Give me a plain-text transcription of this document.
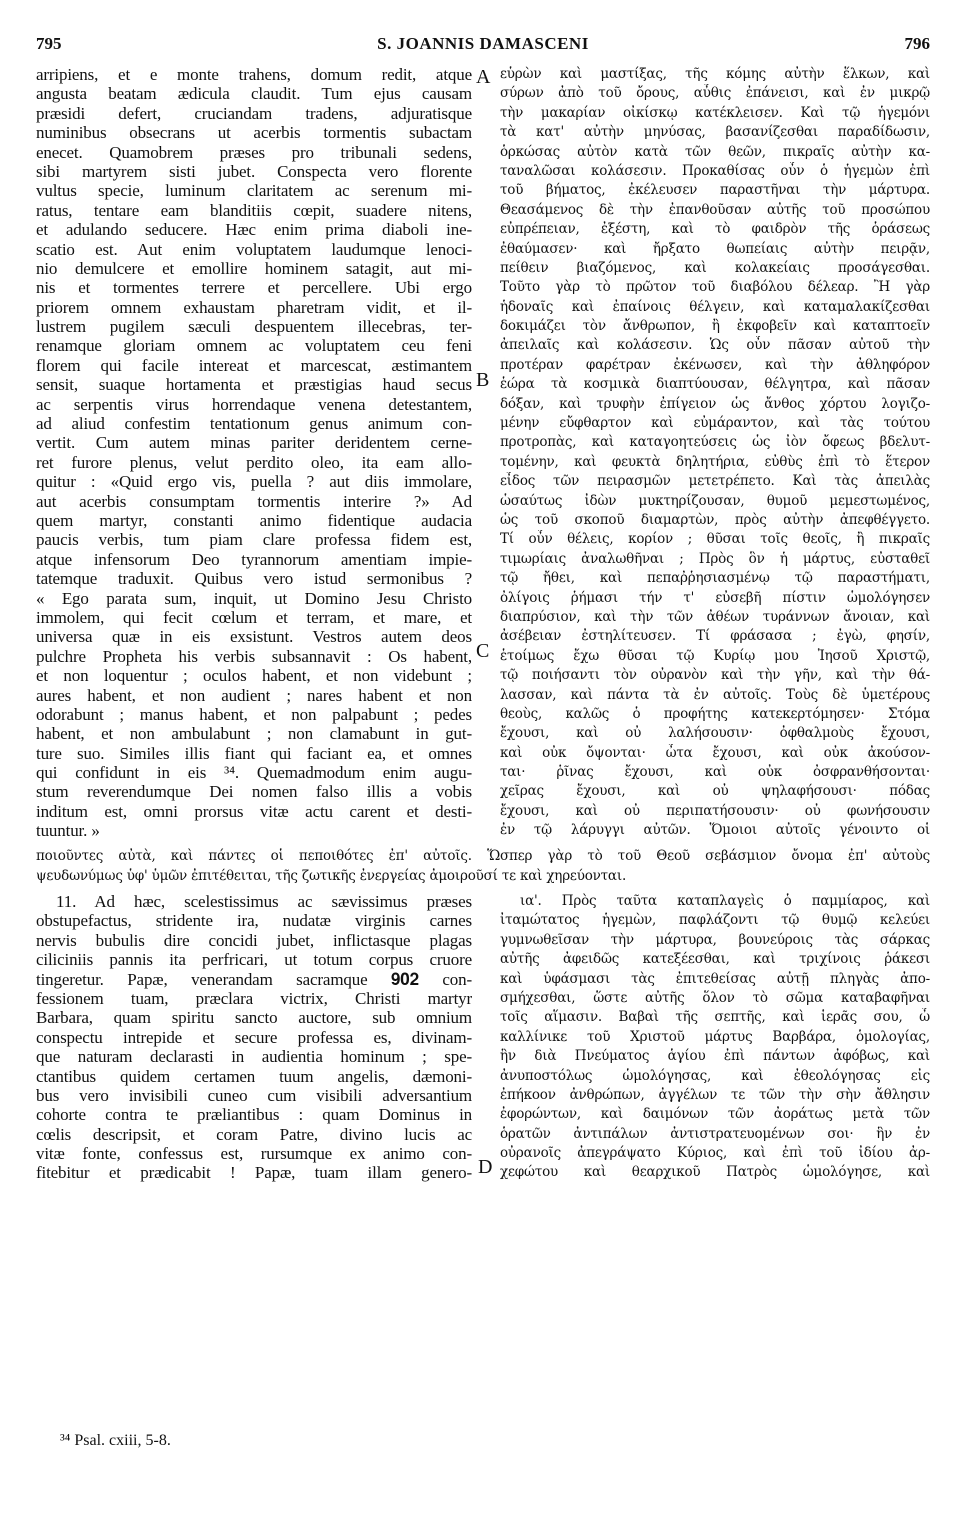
795	S. JOANNIS DAMASCENI	796
arripiens, et e monte trahens, domum redit, atque
angusta beatam ædicula claudit. Tum ejus causam
præsidi defert, cruciandam tradens, adjuratisque
numinibus obsecrans ut acerbis tormentis subactam
enecet. Quamobrem præses pro tribunali sedens,
sibi martyrem sisti jubet. Conspecta vero florente
vultus specie, luminum claritatem ac serenum mi-
ratus, tentare eam blanditiis cœpit, suadere nitens,
et adulando seducere. Hæc enim prima diaboli ine-
scatio est. Aut enim voluptatem laudumque lenoci-
nio demulcere et emollire hominem satagit, aut mi-
nis et tormentes terrere et percellere. Ubi ergo
priorem omnem exhaustam pharetram vidit, et il-
lustrem pugilem sæculi despuentem illecebras, ter-
renamque gloriam omnem ac voluptatem ceu feni
florem qui facile intereat et marcescat, æstimantem
sensit, suaque hortamenta et præstigias haud secus
ac serpentis virus horrendaque venena detestantem,
ad aliud confestim tentationum genus animum con-
vertit. Cum autem minas pariter deridentem cerne-
ret furore plenus, velut perdito oleo, ita eam allo-
quitur : «Quid ergo vis, puella ? aut diis immolare,
aut acerbis consumptam tormentis interire ?» Ad
quem martyr, constanti animo fidentique audacia
paucis verbis, tum piam clare professa fidem est,
atque infensorum Deo tyrannorum amentiam impie-
tatemque traduxit. Quibus vero istud sermonibus ?
« Ego parata sum, inquit, ut Domino Jesu Christo
immolem, qui fecit cœlum et terram, et mare, et
universa quæ in eis exsistunt. Vestros autem deos
pulchre Propheta his verbis subsannavit : Os habent,
et non loquentur ; oculos habent, et non videbunt ;
aures habent, et non audient ; nares habent et non
odorabunt ; manus habent, et non palpabunt ; pedes
habent, et non ambulabunt ; non clamabunt in gut-
ture suo. Similes illis fiant qui faciant ea, et omnes
qui confidunt in eis ³⁴. Quemadmodum enim augu-
stum reverendumque Dei nomen falso illis a vobis
inditum est, omni prorsus vitæ actu carent et desti-
tuuntur. »
εὑρὼν καὶ μαστίξας, τῆς κόμης αὐτὴν ἕλκων, καὶ
σύρων ἀπὸ τοῦ ὄρους, αὖθις ἐπάνεισι, καὶ ἐν μικρῷ
τὴν μακαρίαν οἰκίσκῳ κατέκλεισεν. Καὶ τῷ ἡγεμόνι
τὰ κατ' αὐτὴν μηνύσας, βασανίζεσθαι παραδίδωσιν,
ὁρκώσας αὐτὸν κατὰ τῶν θεῶν, πικραῖς αὐτὴν κα-
ταναλῶσαι κολάσεσιν. Προκαθίσας οὖν ὁ ἡγεμὼν ἐπὶ
τοῦ βήματος, ἐκέλευσεν παραστῆναι τὴν μάρτυρα.
Θεασάμενος δὲ τὴν ἐπανθοῦσαν αὐτῆς τοῦ προσώπου
εὐπρέπειαν, ἐξέστη, καὶ τὸ φαιδρὸν τῆς ὁράσεως
ἐθαύμασεν· καὶ ἤρξατο θωπείαις αὐτὴν πειρᾷν,
πείθειν βιαζόμενος, καὶ κολακείαις προσάγεσθαι.
Τοῦτο γὰρ τὸ πρῶτον τοῦ διαβόλου δέλεαρ. Ἢ γὰρ
ἡδοναῖς καὶ ἐπαίνοις θέλγειν, καὶ καταμαλακίζεσθαι
δοκιμάζει τὸν ἄνθρωπον, ἢ ἐκφοβεῖν καὶ καταπτοεῖν
ἀπειλαῖς καὶ κολάσεσιν. Ὡς οὖν πᾶσαν αὐτοῦ τὴν
προτέραν φαρέτραν ἐκένωσεν, καὶ τὴν ἀθληφόρον
ἑώρα τὰ κοσμικὰ διαπτύουσαν, θέλγητρα, καὶ πᾶσαν
δόξαν, καὶ τρυφὴν ἐπίγειον ὡς ἄνθος χόρτου λογιζο-
μένην εὔφθαρτον καὶ εὐμάραντον, καὶ τὰς τούτου
προτροπὰς, καὶ καταγοητεύσεις ὡς ἰὸν ὄφεως βδελυτ-
τομένην, καὶ φευκτὰ δηλητήρια, εὐθὺς ἐπὶ τὸ ἕτερον
εἶδος τῶν πειρασμῶν μετετρέπετο. Καὶ τὰς ἀπειλὰς
ὡσαύτως ἰδὼν μυκτηρίζουσαν, θυμοῦ μεμεστωμένος,
ὡς τοῦ σκοποῦ διαμαρτὼν, πρὸς αὐτὴν ἀπεφθέγγετο.
Τί οὖν θέλεις, κορίον ; θῦσαι τοῖς θεοῖς, ἢ πικραῖς
τιμωρίαις ἀναλωθῆναι ; Πρὸς ὃν ἡ μάρτυς, εὐσταθεῖ
τῷ ἤθει, καὶ πεπαῤῥησιασμένῳ τῷ παραστήματι,
ὀλίγοις ῥήμασι τήν τ' εὐσεβῆ πίστιν ὡμολόγησεν
διαπρύσιον, καὶ τὴν τῶν ἀθέων τυράννων ἄνοιαν, καὶ
ἀσέβειαν ἐστηλίτευσεν. Τί φράσασα ; ἐγὼ, φησίν,
ἑτοίμως ἔχω θῦσαι τῷ Κυρίῳ μου Ἰησοῦ Χριστῷ,
τῷ ποιήσαντι τὸν οὐρανὸν καὶ τὴν γῆν, καὶ τὴν θά-
λασσαν, καὶ πάντα τὰ ἐν αὐτοῖς. Τοὺς δὲ ὑμετέρους
θεοὺς, καλῶς ὁ προφήτης κατεκερτόμησεν· Στόμα
ἔχουσι, καὶ οὐ λαλήσουσιν· ὀφθαλμοὺς ἔχουσι,
καὶ οὐκ ὄψονται· ὦτα ἔχουσι, καὶ οὐκ ἀκούσον-
ται· ῥῖνας ἔχουσι, καὶ οὐκ ὀσφρανθήσονται·
χεῖρας ἔχουσι, καὶ οὐ ψηλαφήσουσι· πόδας
ἔχουσι, καὶ οὐ περιπατήσουσιν· οὐ φωνήσουσιν
ἐν τῷ λάρυγγι αὐτῶν. Ὅμοιοι αὐτοῖς γένοιντο οἱ
A
B
C
D
ποιοῦντες αὐτὰ, καὶ πάντες οἱ πεποιθότες ἐπ' αὐτοῖς. Ὥσπερ γὰρ τὸ τοῦ Θεοῦ σεβάσμιον ὄνομα ἐπ' αὐτοὺς
ψευδωνύμως ὑφ' ὑμῶν ἐπιτέθειται, τῆς ζωτικῆς ἐνεργείας ἀμοιροῦσί τε καὶ χηρεύονται.
11. Ad hæc, scelestissimus ac sævissimus præses
obstupefactus, stridente ira, nudatæ virginis carnes
nervis bubulis dire concidi jubet, inflictasque plagas
ciliciniis pannis ita perfricari, ut totum corpus cruore
tingeretur. Papæ, venerandam sacramque 𝟗𝟎𝟐 con-
fessionem tuam, præclara victrix, Christi martyr
Barbara, quam spiritu sancto auctore, sub omnium
conspectu intrepide et secure professa es, divinam-
que naturam declarasti in audientia hominum ; spe-
ctantibus quidem certamen tuum angelis, dæmoni-
bus vero invisibili cuneo cum visibili adversantium
cohorte contra te præliantibus : quam Dominus in
cœlis descripsit, et coram Patre, divino lucis ac
vitæ fonte, confessus est, rursumque ex animo con-
fitebitur et prædicabit ! Papæ, tuam illam genero-
ια'. Πρὸς ταῦτα καταπλαγεὶς ὁ παμμίαρος, καὶ
ἰταμώτατος ἡγεμὼν, παφλάζοντι τῷ θυμῷ κελεύει
γυμνωθεῖσαν τὴν μάρτυρα, βουνεύροις τὰς σάρκας
αὐτῆς ἀφειδῶς κατεξέεσθαι, καὶ τριχίνοις ῥάκεσι
καὶ ὑφάσμασι τὰς ἐπιτεθείσας αὐτῇ πληγὰς ἀπο-
σμήχεσθαι, ὥστε αὐτῆς ὅλον τὸ σῶμα καταβαφῆναι
τοῖς αἵμασιν. Βαβαὶ τῆς σεπτῆς, καὶ ἱερᾶς σου, ὦ
καλλίνικε τοῦ Χριστοῦ μάρτυς Βαρβάρα, ὁμολογίας,
ἣν διὰ Πνεύματος ἁγίου ἐπὶ πάντων ἀφόβως, καὶ
ἀνυποστόλως ὡμολόγησας, καὶ ἐθεολόγησας εἰς
ἐπήκοον ἀνθρώπων, ἀγγέλων τε τῶν τὴν σὴν ἄθλησιν
ἐφορώντων, καὶ δαιμόνων τῶν ἀοράτως μετὰ τῶν
ὁρατῶν ἀντιπάλων ἀντιστρατευομένων σοι· ἣν ἐν
οὐρανοῖς ἀπεγράψατο Κύριος, καὶ ἐπὶ τοῦ ἰδίου ἀρ-
χεφώτου καὶ θεαρχικοῦ Πατρὸς ὡμολόγησε, καὶ
³⁴ Psal. cxiii, 5-8.
